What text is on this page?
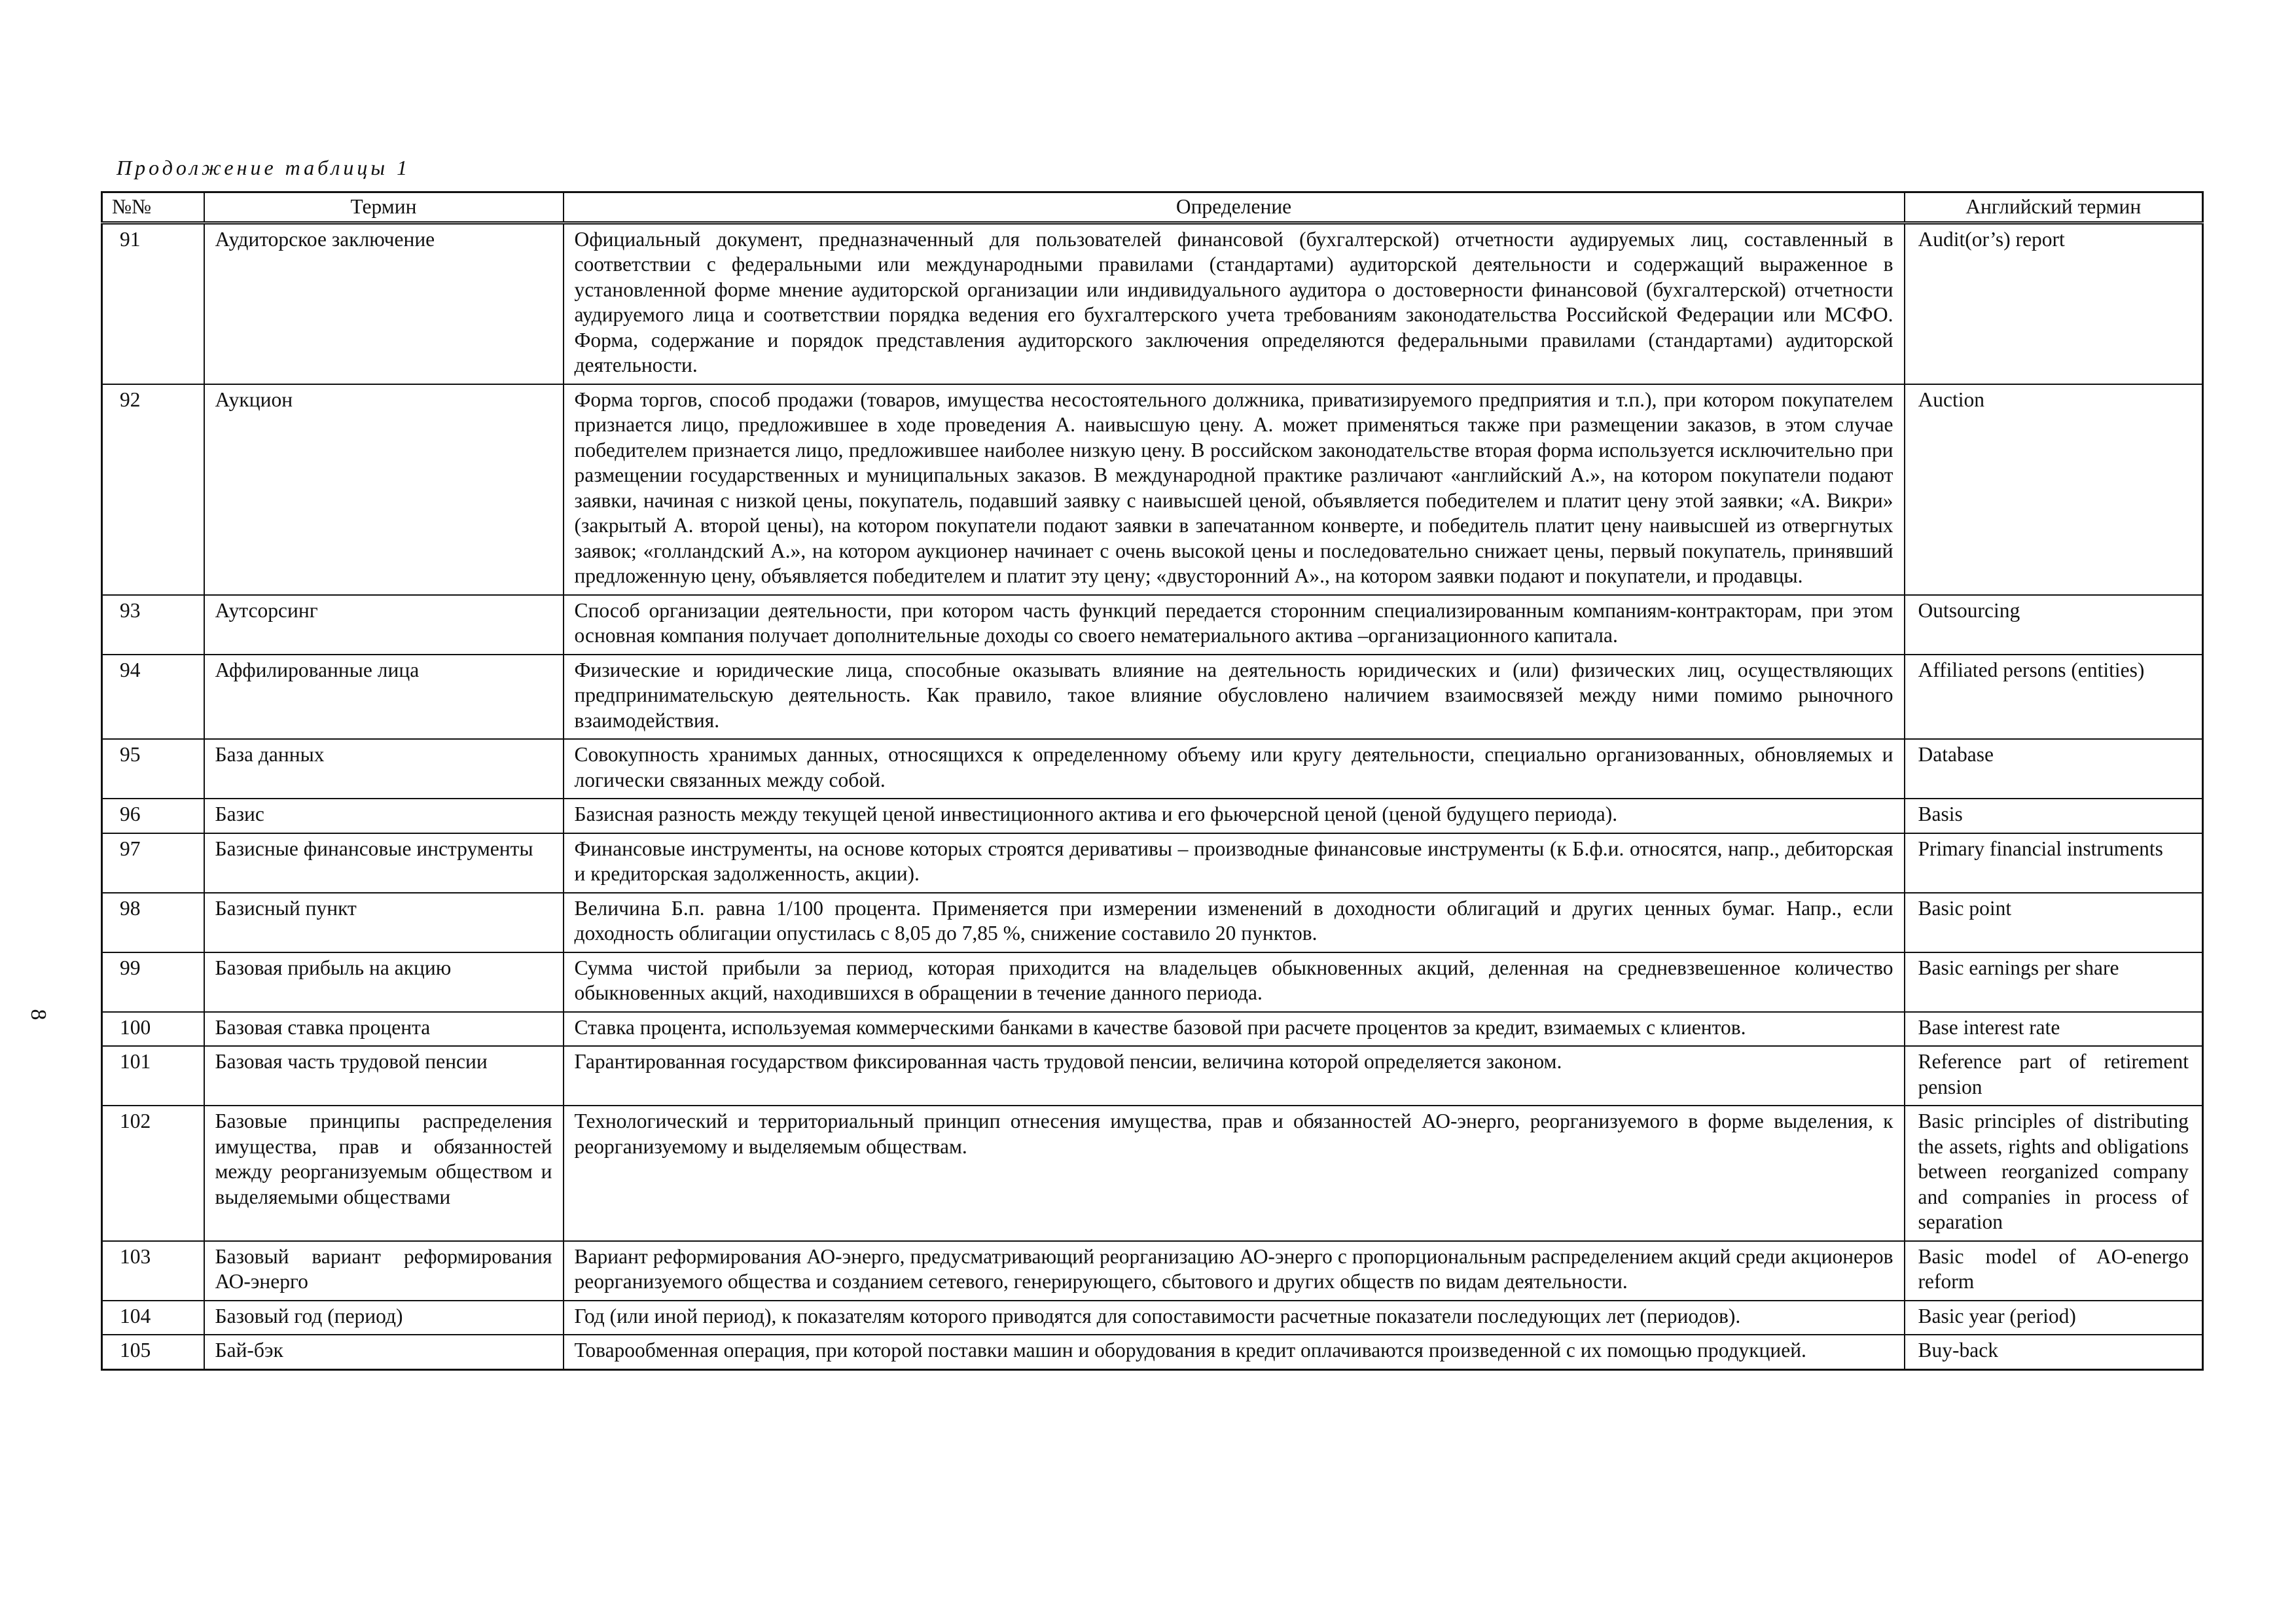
Продолжение таблицы 1
8
№№	Термин	Определение	Английский термин
91	Аудиторское заключение	Официальный документ, предназначенный для пользователей финансовой (бухгалтерской) отчетности аудируемых лиц, составленный в соответствии с федеральными или международными правилами (стандартами) аудиторской деятельности и содержащий выраженное в установленной форме мнение аудиторской организации или индивидуального аудитора о достоверности финансовой (бухгалтерской) отчетности аудируемого лица и соответствии порядка ведения его бухгалтерского учета требованиям законодательства Российской Федерации или МСФО. Форма, содержание и порядок представления аудиторского заключения определяются федеральными правилами (стандартами) аудиторской деятельности.	Audit(or’s) report
92	Аукцион	Форма торгов, способ продажи (товаров, имущества несостоятельного должника, приватизируемого предприятия и т.п.), при котором покупателем признается лицо, предложившее в ходе проведения А. наивысшую цену. А. может применяться также при размещении заказов, в этом случае победителем признается лицо, предложившее наиболее низкую цену. В российском законодательстве вторая форма используется исключительно при размещении государственных и муниципальных заказов. В международной практике различают «английский А.», на котором покупатели подают заявки, начиная с низкой цены, покупатель, подавший заявку с наивысшей ценой, объявляется победителем и платит цену этой заявки; «А. Викри» (закрытый А. второй цены), на котором покупатели подают заявки в запечатанном конверте, и победитель платит цену наивысшей из отвергнутых заявок; «голландский А.», на котором аукционер начинает с очень высокой цены и последовательно снижает цены, первый покупатель, принявший предложенную цену, объявляется победителем и платит эту цену; «двусторонний А»., на котором заявки подают и покупатели, и продавцы.	Auction
93	Аутсорсинг	Способ организации деятельности, при котором часть функций передается сторонним специализированным компаниям-контракторам, при этом основная компания получает дополнительные доходы со своего нематериального актива –организационного капитала.	Outsourcing
94	Аффилированные лица	Физические и юридические лица, способные оказывать влияние на деятельность юридических и (или) физических лиц, осуществляющих предпринимательскую деятельность. Как правило, такое влияние обусловлено наличием взаимосвязей между ними помимо рыночного взаимодействия.	Affiliated persons (entities)
95	База данных	Совокупность хранимых данных, относящихся к определенному объему или кругу деятельности, специально организованных, обновляемых и логически связанных между собой.	Database
96	Базис	Базисная разность между текущей ценой инвестиционного актива и его фьючерсной ценой (ценой будущего периода).	Basis
97	Базисные финансовые инструменты	Финансовые инструменты, на основе которых строятся деривативы – производные финансовые инструменты (к Б.ф.и. относятся, напр., дебиторская и кредиторская задолженность, акции).	Primary financial instruments
98	Базисный пункт	Величина Б.п. равна 1/100 процента. Применяется при измерении изменений в доходности облигаций и других ценных бумаг. Напр., если доходность облигации опустилась с 8,05 до 7,85 %, снижение составило 20 пунктов.	Basic point
99	Базовая прибыль на акцию	Сумма чистой прибыли за период, которая приходится на владельцев обыкновенных акций, деленная на средневзвешенное количество обыкновенных акций, находившихся в обращении в течение данного периода.	Basic earnings per share
100	Базовая ставка процента	Ставка процента, используемая коммерческими банками в качестве базовой при расчете процентов за кредит, взимаемых с клиентов.	Base interest rate
101	Базовая часть трудовой пенсии	Гарантированная государством фиксированная часть трудовой пенсии, величина которой определяется законом.	Reference part of retirement pension
102	Базовые принципы распределения имущества, прав и обязанностей между реорганизуемым обществом и выделяемыми обществами	Технологический и территориальный принцип отнесения имущества, прав и обязанностей АО-энерго, реорганизуемого в форме выделения, к реорганизуемому и выделяемым обществам.	Basic principles of distributing the assets, rights and obligations between reorganized company and companies in process of separation
103	Базовый вариант реформирования АО-энерго	Вариант реформирования АО-энерго, предусматривающий реорганизацию АО-энерго с пропорциональным распределением акций среди акционеров реорганизуемого общества и созданием сетевого, генерирующего, сбытового и других обществ по видам деятельности.	Basic model of AO-energo reform
104	Базовый год (период)	Год (или иной период), к показателям которого приводятся для сопоставимости расчетные показатели последующих лет (периодов).	Basic year (period)
105	Бай-бэк	Товарообменная операция, при которой поставки машин и оборудования в кредит оплачиваются произведенной с их помощью продукцией.	Buy-back
